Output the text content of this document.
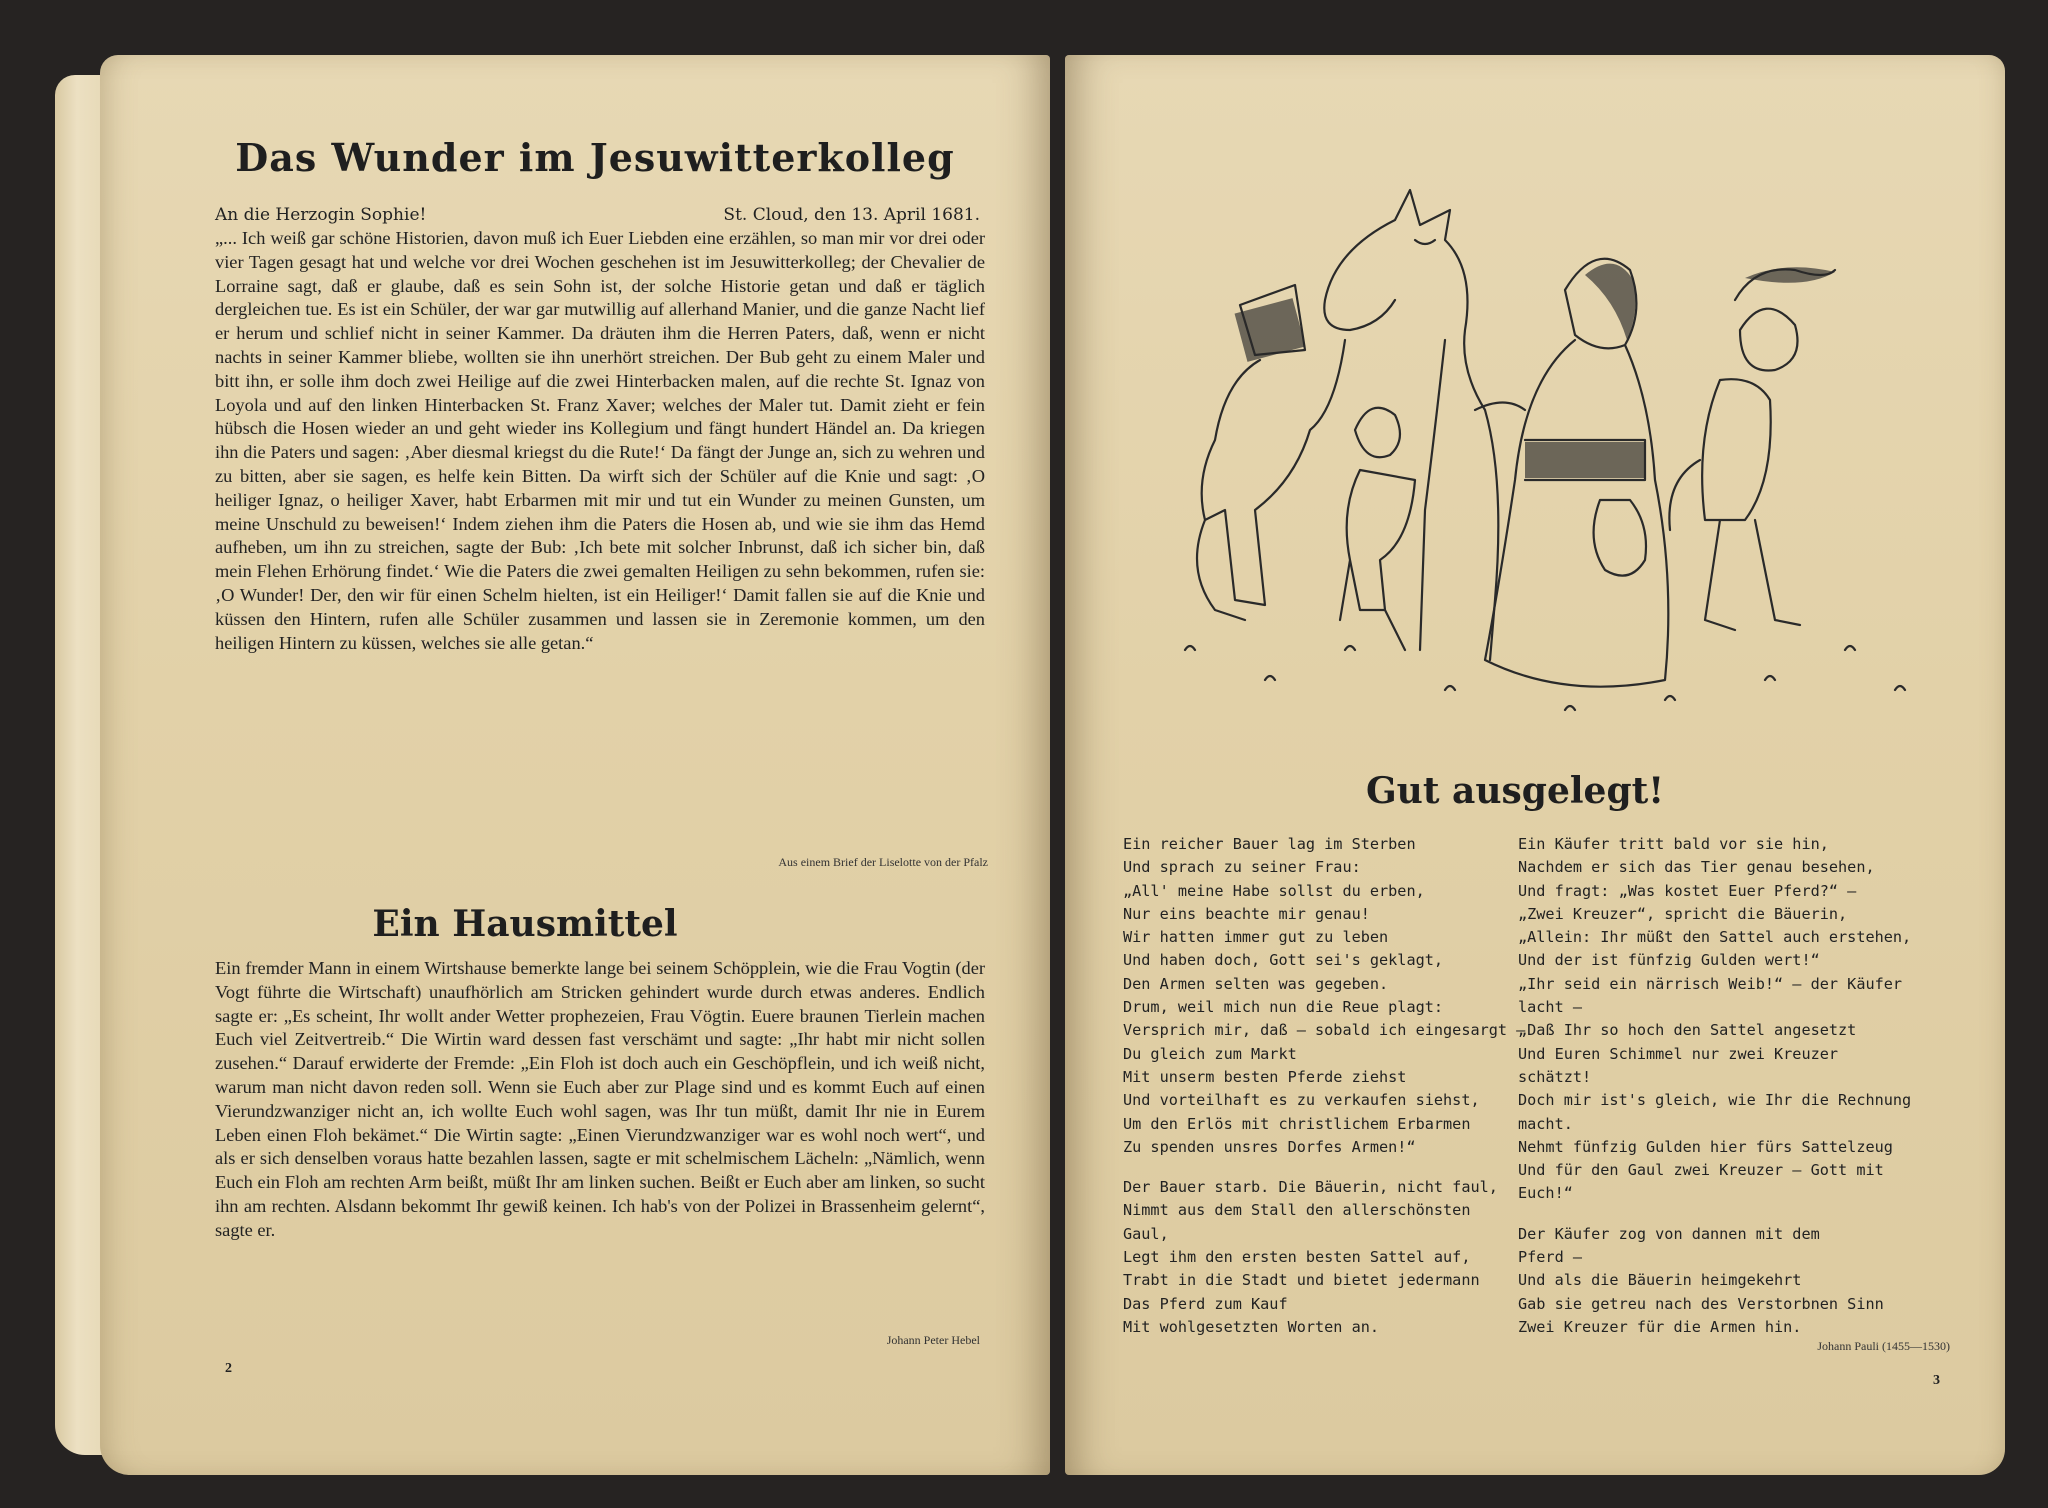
Das Wunder im Jesuwitterkolleg
An die Herzogin Sophie!	St. Cloud, den 13. April 1681.

„... Ich weiß gar schöne Historien, davon muß ich Euer Liebden eine erzählen, so man mir vor drei oder vier Tagen gesagt hat und welche vor drei Wochen geschehen ist im Jesuwitterkolleg; der Chevalier de Lorraine sagt, daß er glaube, daß es sein Sohn ist, der solche Historie getan und daß er täglich dergleichen tue. Es ist ein Schüler, der war gar mutwillig auf allerhand Manier, und die ganze Nacht lief er herum und schlief nicht in seiner Kammer. Da dräuten ihm die Herren Paters, daß, wenn er nicht nachts in seiner Kammer bliebe, wollten sie ihn unerhört streichen. Der Bub geht zu einem Maler und bitt ihn, er solle ihm doch zwei Heilige auf die zwei Hinterbacken malen, auf die rechte St. Ignaz von Loyola und auf den linken Hinterbacken St. Franz Xaver; welches der Maler tut. Damit zieht er fein hübsch die Hosen wieder an und geht wieder ins Kollegium und fängt hundert Händel an. Da kriegen ihn die Paters und sagen: ‚Aber diesmal kriegst du die Rute!‘ Da fängt der Junge an, sich zu wehren und zu bitten, aber sie sagen, es helfe kein Bitten. Da wirft sich der Schüler auf die Knie und sagt: ‚O heiliger Ignaz, o heiliger Xaver, habt Erbarmen mit mir und tut ein Wunder zu meinen Gunsten, um meine Unschuld zu beweisen!‘ Indem ziehen ihm die Paters die Hosen ab, und wie sie ihm das Hemd aufheben, um ihn zu streichen, sagte der Bub: ‚Ich bete mit solcher Inbrunst, daß ich sicher bin, daß mein Flehen Erhörung findet.‘ Wie die Paters die zwei gemalten Heiligen zu sehn bekommen, rufen sie: ‚O Wunder! Der, den wir für einen Schelm hielten, ist ein Heiliger!‘ Damit fallen sie auf die Knie und küssen den Hintern, rufen alle Schüler zusammen und lassen sie in Zeremonie kommen, um den heiligen Hintern zu küssen, welches sie alle getan.“

Aus einem Brief der Liselotte von der Pfalz
Ein Hausmittel

Ein fremder Mann in einem Wirtshause bemerkte lange bei seinem Schöpplein, wie die Frau Vogtin (der Vogt führte die Wirtschaft) unaufhörlich am Stricken gehindert wurde durch etwas anderes. Endlich sagte er: „Es scheint, Ihr wollt ander Wetter prophezeien, Frau Vögtin. Euere braunen Tierlein machen Euch viel Zeitvertreib.“ Die Wirtin ward dessen fast verschämt und sagte: „Ihr habt mir nicht sollen zusehen.“ Darauf erwiderte der Fremde: „Ein Floh ist doch auch ein Geschöpflein, und ich weiß nicht, warum man nicht davon reden soll. Wenn sie Euch aber zur Plage sind und es kommt Euch auf einen Vierundzwanziger nicht an, ich wollte Euch wohl sagen, was Ihr tun müßt, damit Ihr nie in Eurem Leben einen Floh bekämet.“ Die Wirtin sagte: „Einen Vierundzwanziger war es wohl noch wert“, und als er sich denselben voraus hatte bezahlen lassen, sagte er mit schelmischem Lächeln: „Nämlich, wenn Euch ein Floh am rechten Arm beißt, müßt Ihr am linken suchen. Beißt er Euch aber am linken, so sucht ihn am rechten. Alsdann bekommt Ihr gewiß keinen. Ich hab's von der Polizei in Brassenheim gelernt“, sagte er.

Johann Peter Hebel
2
Gut ausgelegt!
Ein reicher Bauer lag im Sterben
Und sprach zu seiner Frau:
„All' meine Habe sollst du erben,
Nur eins beachte mir genau!
Wir hatten immer gut zu leben
Und haben doch, Gott sei's geklagt,
Den Armen selten was gegeben.
Drum, weil mich nun die Reue plagt:
Versprich mir, daß – sobald ich eingesargt –
Du gleich zum Markt
Mit unserm besten Pferde ziehst
Und vorteilhaft es zu verkaufen siehst,
Um den Erlös mit christlichem Erbarmen
Zu spenden unsres Dorfes Armen!“
Der Bauer starb. Die Bäuerin, nicht faul,
Nimmt aus dem Stall den allerschönsten
Gaul,
Legt ihm den ersten besten Sattel auf,
Trabt in die Stadt und bietet jedermann
Das Pferd zum Kauf
Mit wohlgesetzten Worten an.
Ein Käufer tritt bald vor sie hin,
Nachdem er sich das Tier genau besehen,
Und fragt: „Was kostet Euer Pferd?“ –
„Zwei Kreuzer“, spricht die Bäuerin,
„Allein: Ihr müßt den Sattel auch erstehen,
Und der ist fünfzig Gulden wert!“
„Ihr seid ein närrisch Weib!“ – der Käufer
lacht –
„Daß Ihr so hoch den Sattel angesetzt
Und Euren Schimmel nur zwei Kreuzer
schätzt!
Doch mir ist's gleich, wie Ihr die Rechnung
macht.
Nehmt fünfzig Gulden hier fürs Sattelzeug
Und für den Gaul zwei Kreuzer – Gott mit
Euch!“
Der Käufer zog von dannen mit dem
Pferd –
Und als die Bäuerin heimgekehrt
Gab sie getreu nach des Verstorbnen Sinn
Zwei Kreuzer für die Armen hin.
Johann Pauli (1455—1530)
3
